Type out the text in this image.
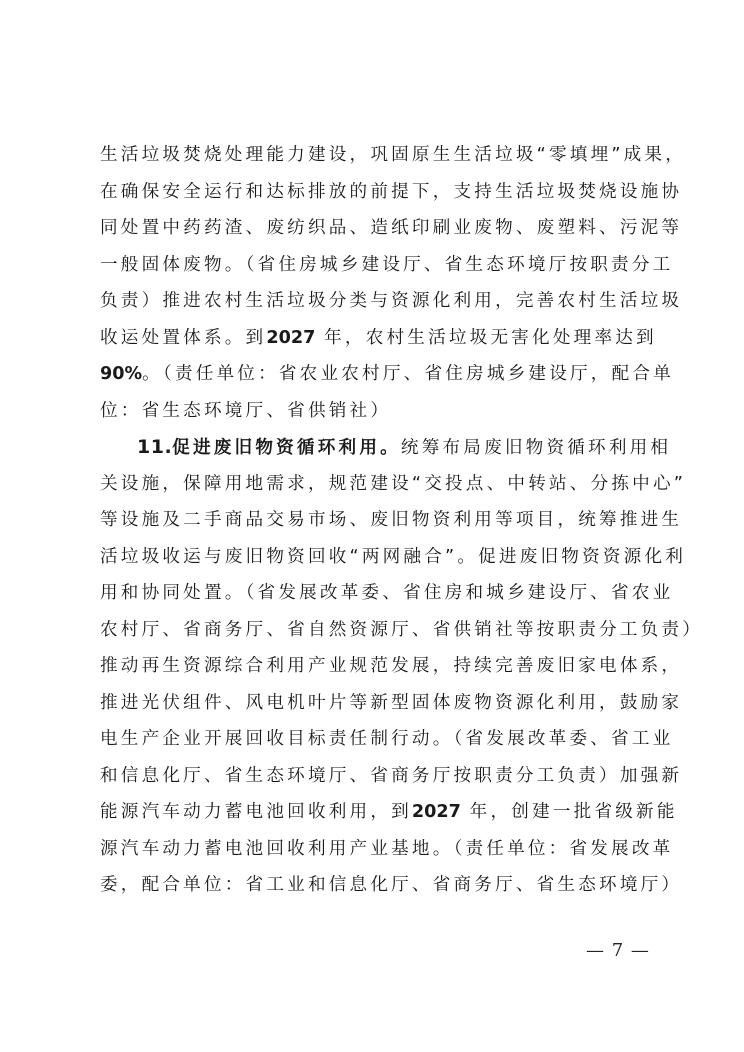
生活垃圾焚烧处理能力建设，巩固原生生活垃圾“零填埋”成果，
在确保安全运行和达标排放的前提下，支持生活垃圾焚烧设施协
同处置中药药渣、废纺织品、造纸印刷业废物、废塑料、污泥等
一般固体废物。（省住房城乡建设厅、省生态环境厅按职责分工
负责）推进农村生活垃圾分类与资源化利用，完善农村生活垃圾
收运处置体系。到2027 年，农村生活垃圾无害化处理率达到
90%。（责任单位：省农业农村厅、省住房城乡建设厅，配合单
位：省生态环境厅、省供销社）
11.促进废旧物资循环利用。统筹布局废旧物资循环利用相
关设施，保障用地需求，规范建设“交投点、中转站、分拣中心”
等设施及二手商品交易市场、废旧物资利用等项目，统筹推进生
活垃圾收运与废旧物资回收“两网融合”。促进废旧物资资源化利
用和协同处置。（省发展改革委、省住房和城乡建设厅、省农业
农村厅、省商务厅、省自然资源厅、省供销社等按职责分工负责）
推动再生资源综合利用产业规范发展，持续完善废旧家电体系，
推进光伏组件、风电机叶片等新型固体废物资源化利用，鼓励家
电生产企业开展回收目标责任制行动。（省发展改革委、省工业
和信息化厅、省生态环境厅、省商务厅按职责分工负责）加强新
能源汽车动力蓄电池回收利用，到2027 年，创建一批省级新能
源汽车动力蓄电池回收利用产业基地。（责任单位：省发展改革
委，配合单位：省工业和信息化厅、省商务厅、省生态环境厅）
— 7 —
